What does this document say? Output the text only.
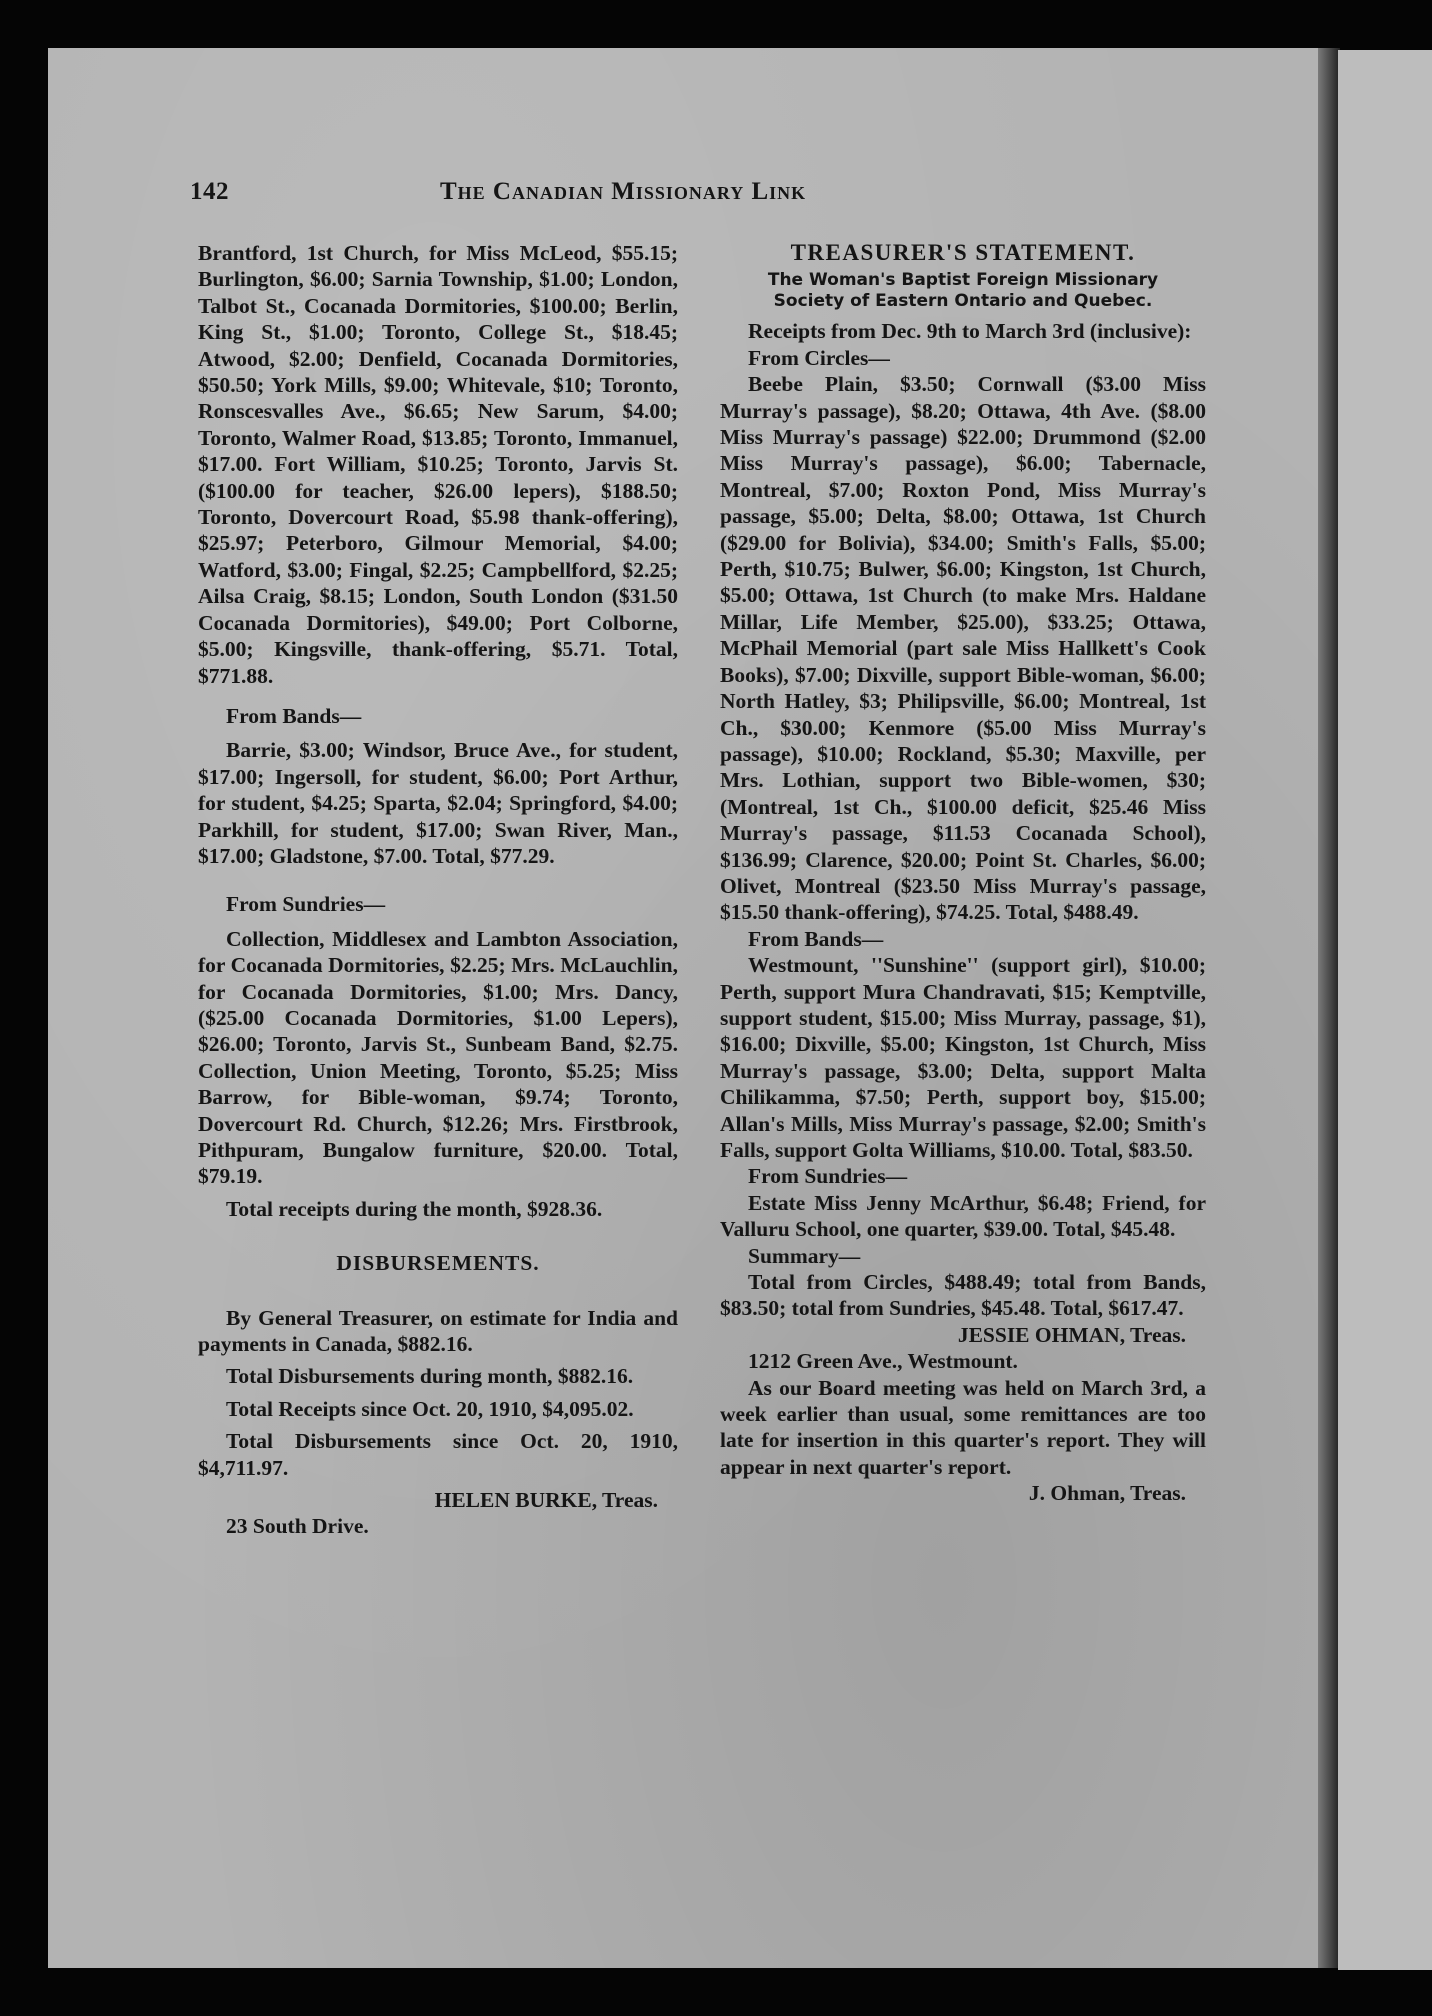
142	The Canadian Missionary Link

Brantford, 1st Church, for Miss McLeod, $55.15; Burlington, $6.00; Sarnia Township, $1.00; London, Talbot St., Cocanada Dormitories, $100.00; Berlin, King St., $1.00; Toronto, College St., $18.45; Atwood, $2.00; Denfield, Cocanada Dormitories, $50.50; York Mills, $9.00; Whitevale, $10; Toronto, Ronscesvalles Ave., $6.65; New Sarum, $4.00; Toronto, Walmer Road, $13.85; Toronto, Immanuel, $17.00. Fort William, $10.25; Toronto, Jarvis St. ($100.00 for teacher, $26.00 lepers), $188.50; Toronto, Dovercourt Road, $5.98 thank-offering), $25.97; Peterboro, Gilmour Memorial, $4.00; Watford, $3.00; Fingal, $2.25; Campbellford, $2.25; Ailsa Craig, $8.15; London, South London ($31.50 Cocanada Dormitories), $49.00; Port Colborne, $5.00; Kingsville, thank-offering, $5.71. Total, $771.88.

From Bands—

Barrie, $3.00; Windsor, Bruce Ave., for student, $17.00; Ingersoll, for student, $6.00; Port Arthur, for student, $4.25; Sparta, $2.04; Springford, $4.00; Parkhill, for student, $17.00; Swan River, Man., $17.00; Gladstone, $7.00. Total, $77.29.

From Sundries—

Collection, Middlesex and Lambton Association, for Cocanada Dormitories, $2.25; Mrs. McLauchlin, for Cocanada Dormitories, $1.00; Mrs. Dancy, ($25.00 Cocanada Dormitories, $1.00 Lepers), $26.00; Toronto, Jarvis St., Sunbeam Band, $2.75. Collection, Union Meeting, Toronto, $5.25; Miss Barrow, for Bible-woman, $9.74; Toronto, Dovercourt Rd. Church, $12.26; Mrs. Firstbrook, Pithpuram, Bungalow furniture, $20.00. Total, $79.19.

Total receipts during the month, $928.36.

DISBURSEMENTS.

By General Treasurer, on estimate for India and payments in Canada, $882.16.

Total Disbursements during month, $882.16.

Total Receipts since Oct. 20, 1910, $4,095.02.

Total Disbursements since Oct. 20, 1910, $4,711.97.

HELEN BURKE, Treas.

23 South Drive.

TREASURER'S STATEMENT.

The Woman's Baptist Foreign Missionary
Society of Eastern Ontario and Quebec.

Receipts from Dec. 9th to March 3rd (inclusive):

From Circles—

Beebe Plain, $3.50; Cornwall ($3.00 Miss Murray's passage), $8.20; Ottawa, 4th Ave. ($8.00 Miss Murray's passage) $22.00; Drummond ($2.00 Miss Murray's passage), $6.00; Tabernacle, Montreal, $7.00; Roxton Pond, Miss Murray's passage, $5.00; Delta, $8.00; Ottawa, 1st Church ($29.00 for Bolivia), $34.00; Smith's Falls, $5.00; Perth, $10.75; Bulwer, $6.00; Kingston, 1st Church, $5.00; Ottawa, 1st Church (to make Mrs. Haldane Millar, Life Member, $25.00), $33.25; Ottawa, McPhail Memorial (part sale Miss Hallkett's Cook Books), $7.00; Dixville, support Bible-woman, $6.00; North Hatley, $3; Philipsville, $6.00; Montreal, 1st Ch., $30.00; Kenmore ($5.00 Miss Murray's passage), $10.00; Rockland, $5.30; Maxville, per Mrs. Lothian, support two Bible-women, $30; (Montreal, 1st Ch., $100.00 deficit, $25.46 Miss Murray's passage, $11.53 Cocanada School), $136.99; Clarence, $20.00; Point St. Charles, $6.00; Olivet, Montreal ($23.50 Miss Murray's passage, $15.50 thank-offering), $74.25. Total, $488.49.

From Bands—

Westmount, ''Sunshine'' (support girl), $10.00; Perth, support Mura Chandravati, $15; Kemptville, support student, $15.00; Miss Murray, passage, $1), $16.00; Dixville, $5.00; Kingston, 1st Church, Miss Murray's passage, $3.00; Delta, support Malta Chilikamma, $7.50; Perth, support boy, $15.00; Allan's Mills, Miss Murray's passage, $2.00; Smith's Falls, support Golta Williams, $10.00. Total, $83.50.

From Sundries—

Estate Miss Jenny McArthur, $6.48; Friend, for Valluru School, one quarter, $39.00. Total, $45.48.

Summary—

Total from Circles, $488.49; total from Bands, $83.50; total from Sundries, $45.48. Total, $617.47.

JESSIE OHMAN, Treas.

1212 Green Ave., Westmount.

As our Board meeting was held on March 3rd, a week earlier than usual, some remittances are too late for insertion in this quarter's report. They will appear in next quarter's report.

J. Ohman, Treas.
